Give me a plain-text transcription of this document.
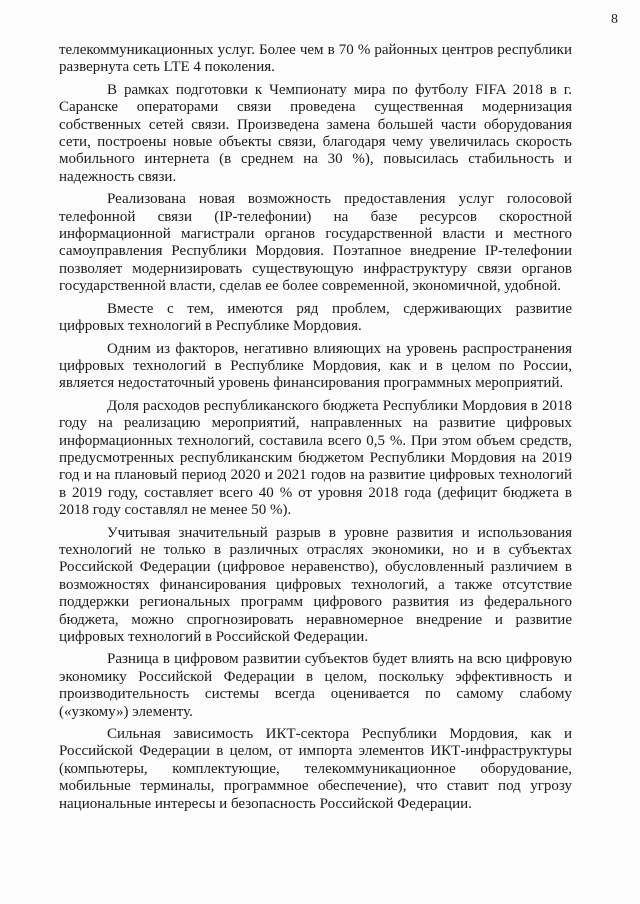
8

телекоммуникационных услуг. Более чем в 70 % районных центров республики развернута сеть LTE 4 поколения.

В рамках подготовки к Чемпионату мира по футболу FIFA 2018 в г. Саранске операторами связи проведена существенная модернизация собственных сетей связи. Произведена замена большей части оборудования сети, построены новые объекты связи, благодаря чему увеличилась скорость мобильного интернета (в среднем на 30 %), повысилась стабильность и надежность связи.

Реализована новая возможность предоставления услуг голосовой телефонной связи (IP-телефонии) на базе ресурсов скоростной информационной магистрали органов государственной власти и местного самоуправления Республики Мордовия. Поэтапное внедрение IP-телефонии позволяет модернизировать существующую инфраструктуру связи органов государственной власти, сделав ее более современной, экономичной, удобной.

Вместе с тем, имеются ряд проблем, сдерживающих развитие цифровых технологий в Республике Мордовия.

Одним из факторов, негативно влияющих на уровень распространения цифровых технологий в Республике Мордовия, как и в целом по России, является недостаточный уровень финансирования программных мероприятий.

Доля расходов республиканского бюджета Республики Мордовия в 2018 году на реализацию мероприятий, направленных на развитие цифровых информационных технологий, составила всего 0,5 %. При этом объем средств, предусмотренных республиканским бюджетом Республики Мордовия на 2019 год и на плановый период 2020 и 2021 годов на развитие цифровых технологий в 2019 году, составляет всего 40 % от уровня 2018 года (дефицит бюджета в 2018 году составлял не менее 50 %).

Учитывая значительный разрыв в уровне развития и использования технологий не только в различных отраслях экономики, но и в субъектах Российской Федерации (цифровое неравенство), обусловленный различием в возможностях финансирования цифровых технологий, а также отсутствие поддержки региональных программ цифрового развития из федерального бюджета, можно спрогнозировать неравномерное внедрение и развитие цифровых технологий в Российской Федерации.

Разница в цифровом развитии субъектов будет влиять на всю цифровую экономику Российской Федерации в целом, поскольку эффективность и производительность системы всегда оценивается по самому слабому («узкому») элементу.

Сильная зависимость ИКТ-сектора Республики Мордовия, как и Российской Федерации в целом, от импорта элементов ИКТ-инфраструктуры (компьютеры, комплектующие, телекоммуникационное оборудование, мобильные терминалы, программное обеспечение), что ставит под угрозу национальные интересы и безопасность Российской Федерации.
